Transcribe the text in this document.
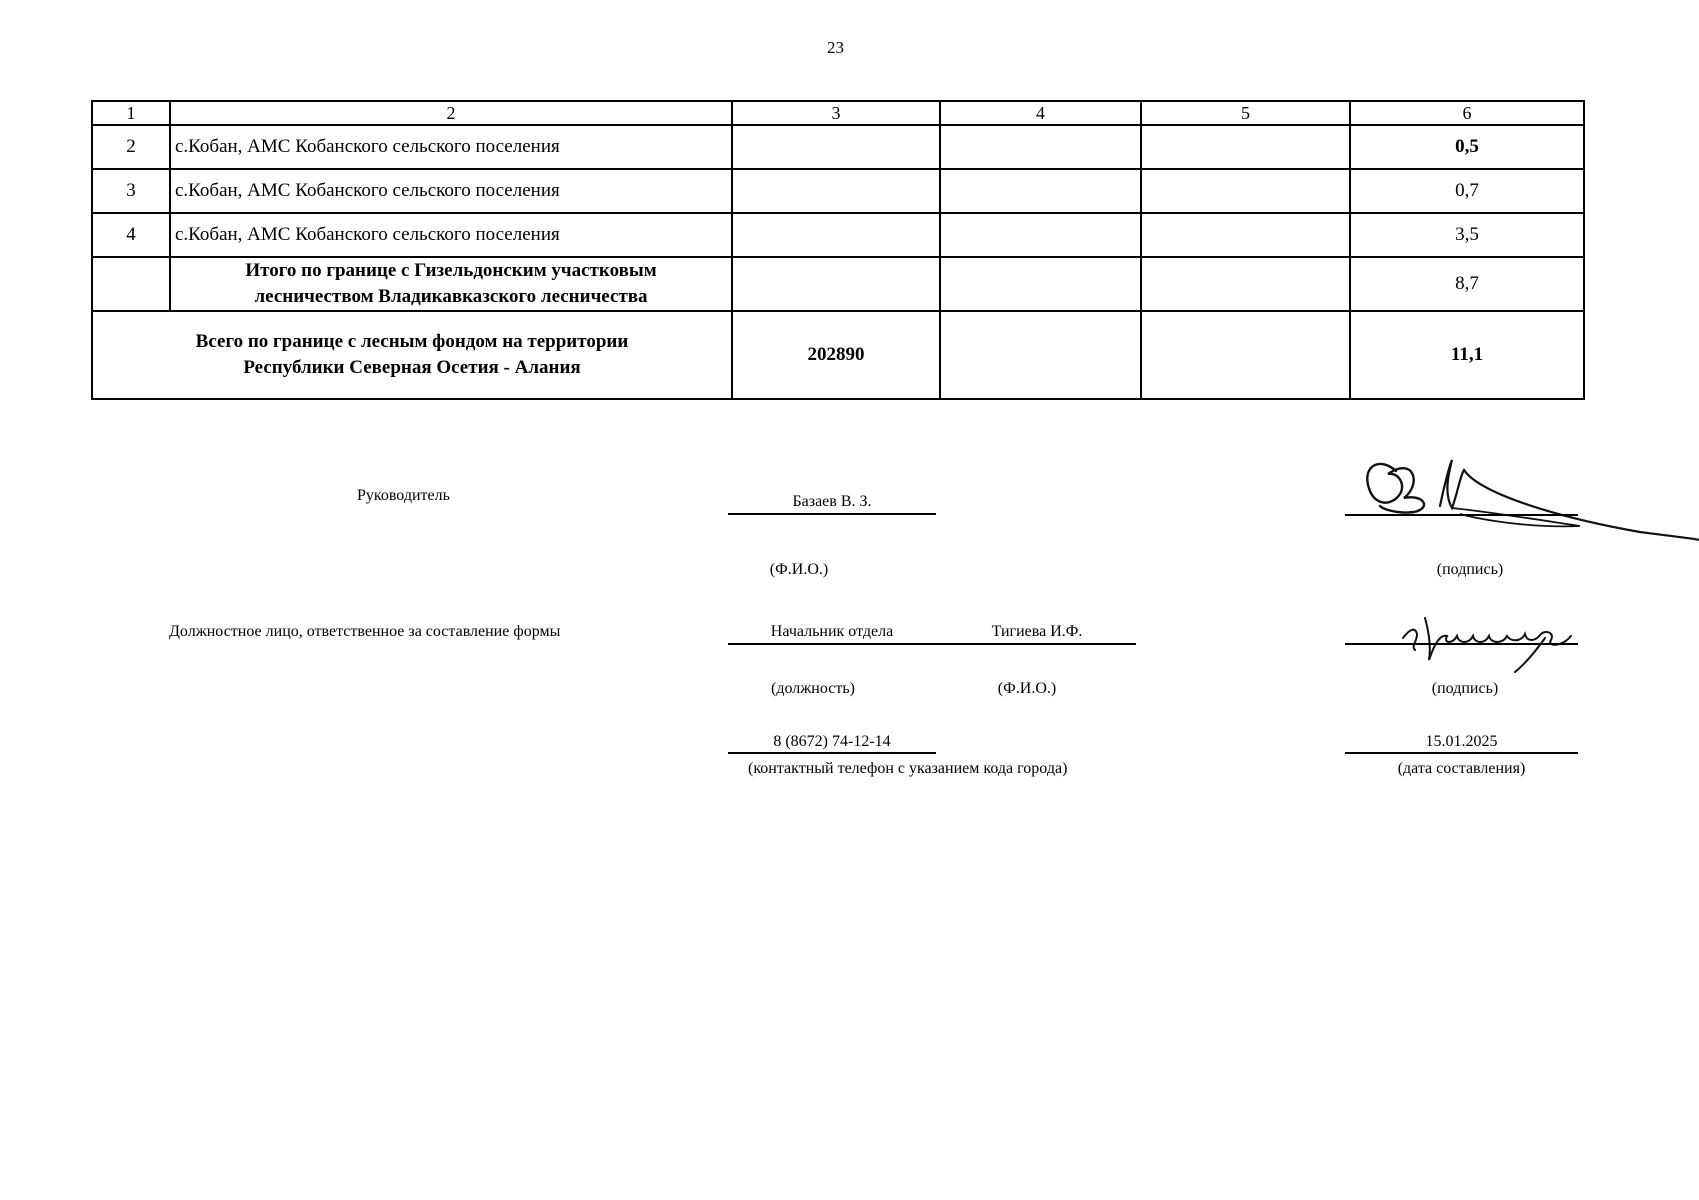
23
1	2	3	4	5	6
2	с.Кобан, АМС Кобанского сельского поселения				0,5
3	с.Кобан, АМС Кобанского сельского поселения				0,7
4	с.Кобан, АМС Кобанского сельского поселения				3,5

	Итого по границе с Гизельдонским участковым
лесничеством Владикавказского лесничества				8,7

Всего по границе с лесным фондом на территории
Республики Северная Осетия - Алания		202890			11,1
Руководитель	Базаев В. З.
(Ф.И.О.)	(подпись)
Должностное лицо, ответственное за составление формы	Начальник отдела	Тигиева И.Ф.
(должность)	(Ф.И.О.)	(подпись)
8 (8672) 74-12-14
(контактный телефон с указанием кода города)
15.01.2025
(дата составления)
